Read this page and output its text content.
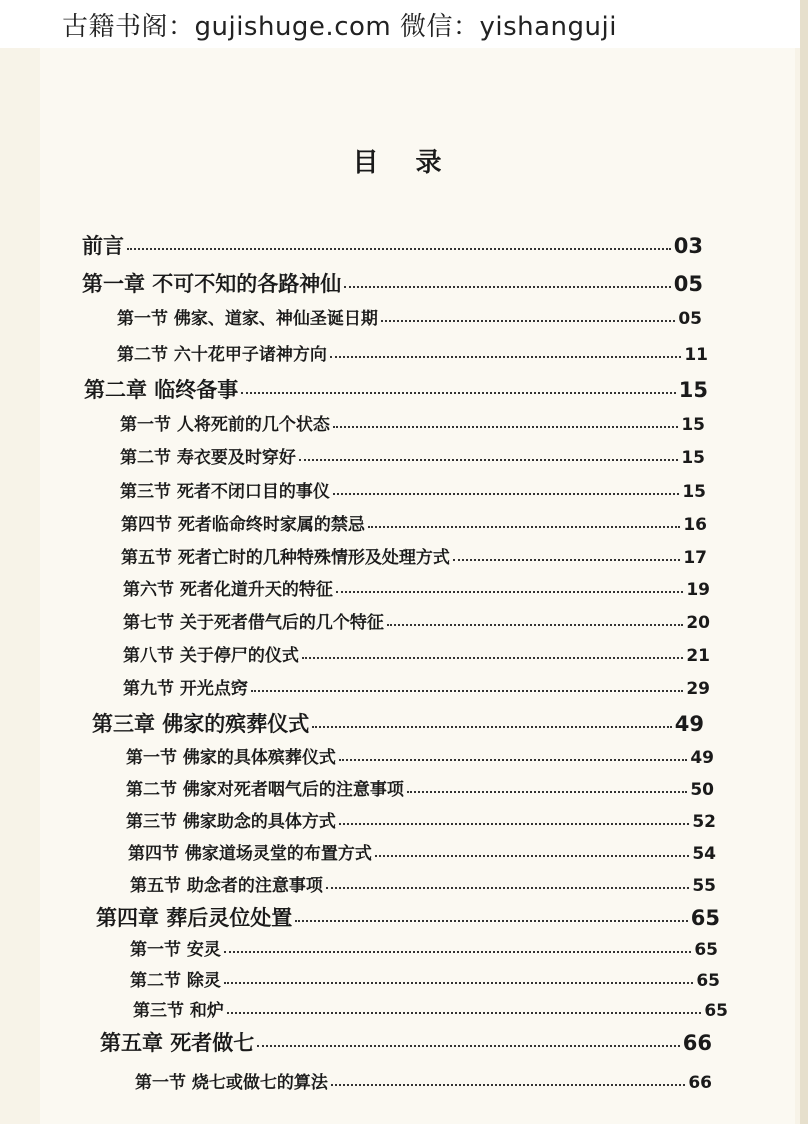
古籍书阁：gujishuge.com 微信：yishanguji
目 录
前言	03
第一章 不可不知的各路神仙	05
第一节 佛家、道家、神仙圣诞日期	05
第二节 六十花甲子诸神方向	11
第二章 临终备事	15
第一节 人将死前的几个状态	15
第二节 寿衣要及时穿好	15
第三节 死者不闭口目的事仪	15
第四节 死者临命终时家属的禁忌	16
第五节 死者亡时的几种特殊情形及处理方式	17
第六节 死者化道升天的特征	19
第七节 关于死者借气后的几个特征	20
第八节 关于停尸的仪式	21
第九节 开光点窍	29
第三章 佛家的殡葬仪式	49
第一节 佛家的具体殡葬仪式	49
第二节 佛家对死者咽气后的注意事项	50
第三节 佛家助念的具体方式	52
第四节 佛家道场灵堂的布置方式	54
第五节 助念者的注意事项	55
第四章 葬后灵位处置	65
第一节 安灵	65
第二节 除灵	65
第三节 和炉	65
第五章 死者做七	66
第一节 烧七或做七的算法	66
